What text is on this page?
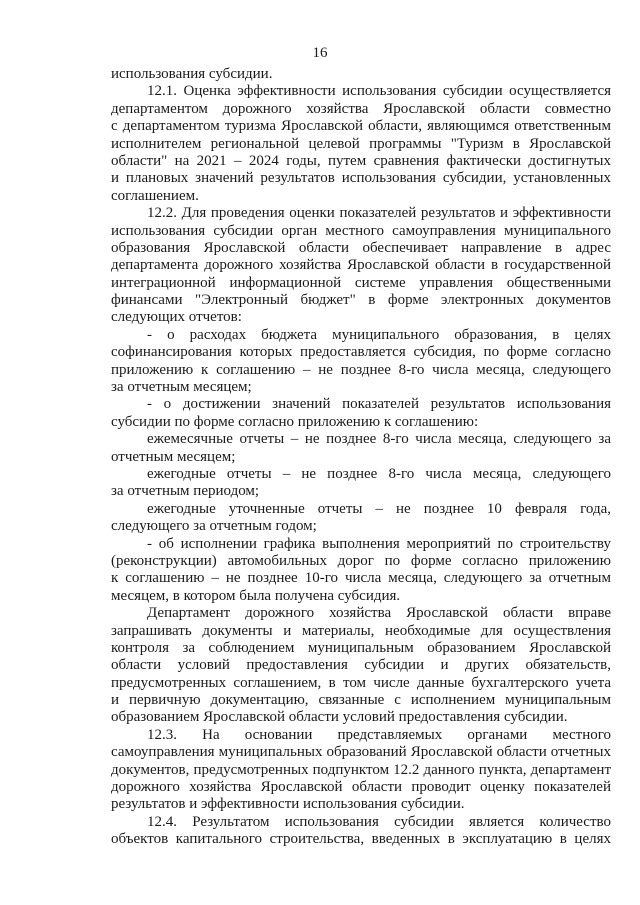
16
использования субсидии.
12.1. Оценка эффективности использования субсидии осуществляется
департаментом дорожного хозяйства Ярославской области совместно
с департаментом туризма Ярославской области, являющимся ответственным
исполнителем региональной целевой программы "Туризм в Ярославской
области" на 2021 – 2024 годы, путем сравнения фактически достигнутых
и плановых значений результатов использования субсидии, установленных
соглашением.
12.2. Для проведения оценки показателей результатов и эффективности
использования субсидии орган местного самоуправления муниципального
образования Ярославской области обеспечивает направление в адрес
департамента дорожного хозяйства Ярославской области в государственной
интеграционной информационной системе управления общественными
финансами "Электронный бюджет" в форме электронных документов
следующих отчетов:
- о расходах бюджета муниципального образования, в целях
софинансирования которых предоставляется субсидия, по форме согласно
приложению к соглашению – не позднее 8-го числа месяца, следующего
за отчетным месяцем;
- о достижении значений показателей результатов использования
субсидии по форме согласно приложению к соглашению:
ежемесячные отчеты – не позднее 8-го числа месяца, следующего за
отчетным месяцем;
ежегодные отчеты – не позднее 8-го числа месяца, следующего
за отчетным периодом;
ежегодные уточненные отчеты – не позднее 10 февраля года,
следующего за отчетным годом;
- об исполнении графика выполнения мероприятий по строительству
(реконструкции) автомобильных дорог по форме согласно приложению
к соглашению – не позднее 10-го числа месяца, следующего за отчетным
месяцем, в котором была получена субсидия.
Департамент дорожного хозяйства Ярославской области вправе
запрашивать документы и материалы, необходимые для осуществления
контроля за соблюдением муниципальным образованием Ярославской
области условий предоставления субсидии и других обязательств,
предусмотренных соглашением, в том числе данные бухгалтерского учета
и первичную документацию, связанные с исполнением муниципальным
образованием Ярославской области условий предоставления субсидии.
12.3. На основании представляемых органами местного
самоуправления муниципальных образований Ярославской области отчетных
документов, предусмотренных подпунктом 12.2 данного пункта, департамент
дорожного хозяйства Ярославской области проводит оценку показателей
результатов и эффективности использования субсидии.
12.4. Результатом использования субсидии является количество
объектов капитального строительства, введенных в эксплуатацию в целях
